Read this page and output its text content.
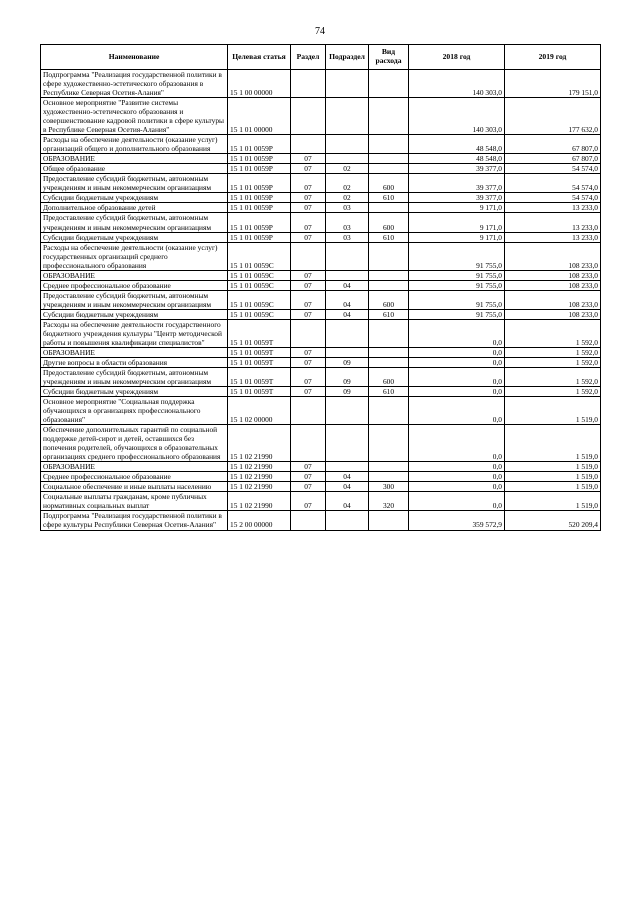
74
Наименование	Целевая статья	Раздел	Подраздел	Вид расхода	2018 год	2019 год
Подпрограмма "Реализация государственной политики в сфере художественно-эстетического образования в Республике Северная Осетия-Алания"	15 1 00 00000				140 303,0	179 151,0
Основное мероприятие "Развитие системы художественно-эстетического образования и совершенствование кадровой политики в сфере культуры в Республике Северная Осетия-Алания"	15 1 01 00000				140 303,0	177 632,0
Расходы на обеспечение деятельности (оказание услуг) организаций общего и дополнительного образования	15 1 01 0059Р				48 548,0	67 807,0
ОБРАЗОВАНИЕ	15 1 01 0059Р	07			48 548,0	67 807,0
Общее образование	15 1 01 0059Р	07	02		39 377,0	54 574,0
Предоставление субсидий бюджетным, автономным учреждениям и иным некоммерческим организациям	15 1 01 0059Р	07	02	600	39 377,0	54 574,0
Субсидии бюджетным учреждениям	15 1 01 0059Р	07	02	610	39 377,0	54 574,0
Дополнительное образование детей	15 1 01 0059Р	07	03		9 171,0	13 233,0
Предоставление субсидий бюджетным, автономным учреждениям и иным некоммерческим организациям	15 1 01 0059Р	07	03	600	9 171,0	13 233,0
Субсидии бюджетным учреждениям	15 1 01 0059Р	07	03	610	9 171,0	13 233,0
Расходы на обеспечение деятельности (оказание услуг) государственных организаций среднего профессионального образования	15 1 01 0059С				91 755,0	108 233,0
ОБРАЗОВАНИЕ	15 1 01 0059С	07			91 755,0	108 233,0
Среднее профессиональное образование	15 1 01 0059С	07	04		91 755,0	108 233,0
Предоставление субсидий бюджетным, автономным учреждениям и иным некоммерческим организациям	15 1 01 0059С	07	04	600	91 755,0	108 233,0
Субсидии бюджетным учреждениям	15 1 01 0059С	07	04	610	91 755,0	108 233,0
Расходы на обеспечение деятельности государственного бюджетного учреждения культуры "Центр методической работы и повышения квалификации специалистов"	15 1 01 0059Т				0,0	1 592,0
ОБРАЗОВАНИЕ	15 1 01 0059Т	07			0,0	1 592,0
Другие вопросы в области образования	15 1 01 0059Т	07	09		0,0	1 592,0
Предоставление субсидий бюджетным, автономным учреждениям и иным некоммерческим организациям	15 1 01 0059Т	07	09	600	0,0	1 592,0
Субсидии бюджетным учреждениям	15 1 01 0059Т	07	09	610	0,0	1 592,0
Основное мероприятие "Социальная поддержка обучающихся в организациях профессионального образования"	15 1 02 00000				0,0	1 519,0
Обеспечение дополнительных гарантий по социальной поддержке детей-сирот и детей, оставшихся без попечения родителей, обучающихся в образовательных организациях среднего профессионального образования	15 1 02 21990				0,0	1 519,0
ОБРАЗОВАНИЕ	15 1 02 21990	07			0,0	1 519,0
Среднее профессиональное образование	15 1 02 21990	07	04		0,0	1 519,0
Социальное обеспечение и иные выплаты населению	15 1 02 21990	07	04	300	0,0	1 519,0
Социальные выплаты гражданам, кроме публичных нормативных социальных выплат	15 1 02 21990	07	04	320	0,0	1 519,0
Подпрограмма "Реализация государственной политики в сфере культуры Республики Северная Осетия-Алания"	15 2 00 00000				359 572,9	520 209,4
